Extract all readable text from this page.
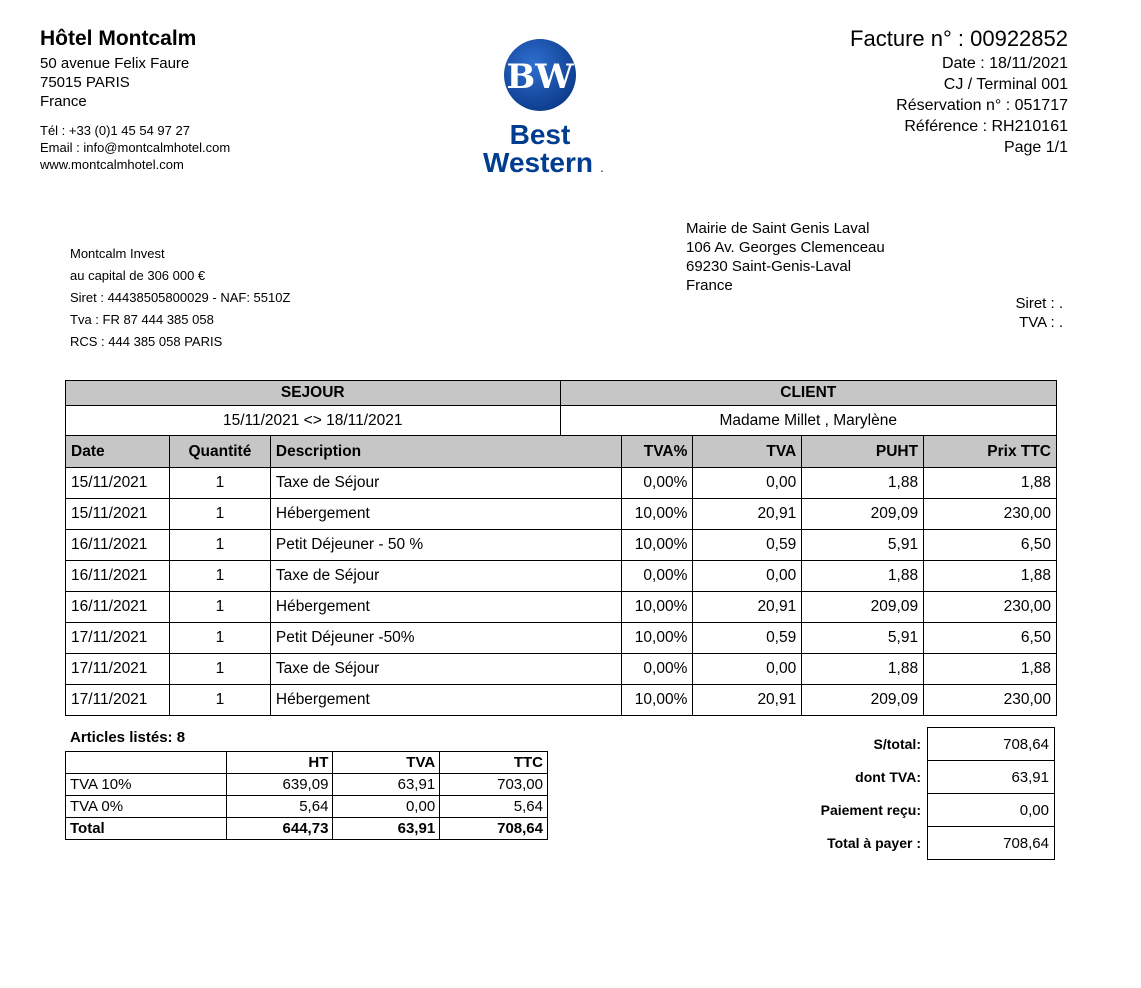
Hôtel Montcalm
50 avenue Felix Faure
75015 PARIS
France
Tél : +33 (0)1 45 54 97 27
Email : info@montcalmhotel.com
www.montcalmhotel.com
BW
Best
Western .
Facture n° : 00922852
Date : 18/11/2021
CJ / Terminal 001
Réservation n° : 051717
Référence : RH210161
Page 1/1
Montcalm Invest
au capital de 306 000 €
Siret : 44438505800029 - NAF: 5510Z
Tva : FR 87 444 385 058
RCS : 444 385 058 PARIS
Mairie de Saint Genis Laval
106 Av. Georges Clemenceau
69230 Saint-Genis-Laval
France
Siret : .
TVA : .
SEJOUR			CLIENT				
15/11/2021 <> 18/11/2021			Madame Millet , Marylène				
Date	Quantité	Description		TVA%	TVA	PUHT	Prix TTC
15/11/2021	1	Taxe de Séjour		0,00%	0,00	1,88	1,88
15/11/2021	1	Hébergement		10,00%	20,91	209,09	230,00
16/11/2021	1	Petit Déjeuner - 50 %		10,00%	0,59	5,91	6,50
16/11/2021	1	Taxe de Séjour		0,00%	0,00	1,88	1,88
16/11/2021	1	Hébergement		10,00%	20,91	209,09	230,00
17/11/2021	1	Petit Déjeuner -50%		10,00%	0,59	5,91	6,50
17/11/2021	1	Taxe de Séjour		0,00%	0,00	1,88	1,88
17/11/2021	1	Hébergement		10,00%	20,91	209,09	230,00
Articles listés: 8
	HT	TVA	TTC
TVA 10%	639,09	63,91	703,00
TVA 0%	5,64	0,00	5,64
Total	644,73	63,91	708,64
S/total:	708,64
dont TVA:	63,91
Paiement reçu:	0,00
Total à payer :	708,64
